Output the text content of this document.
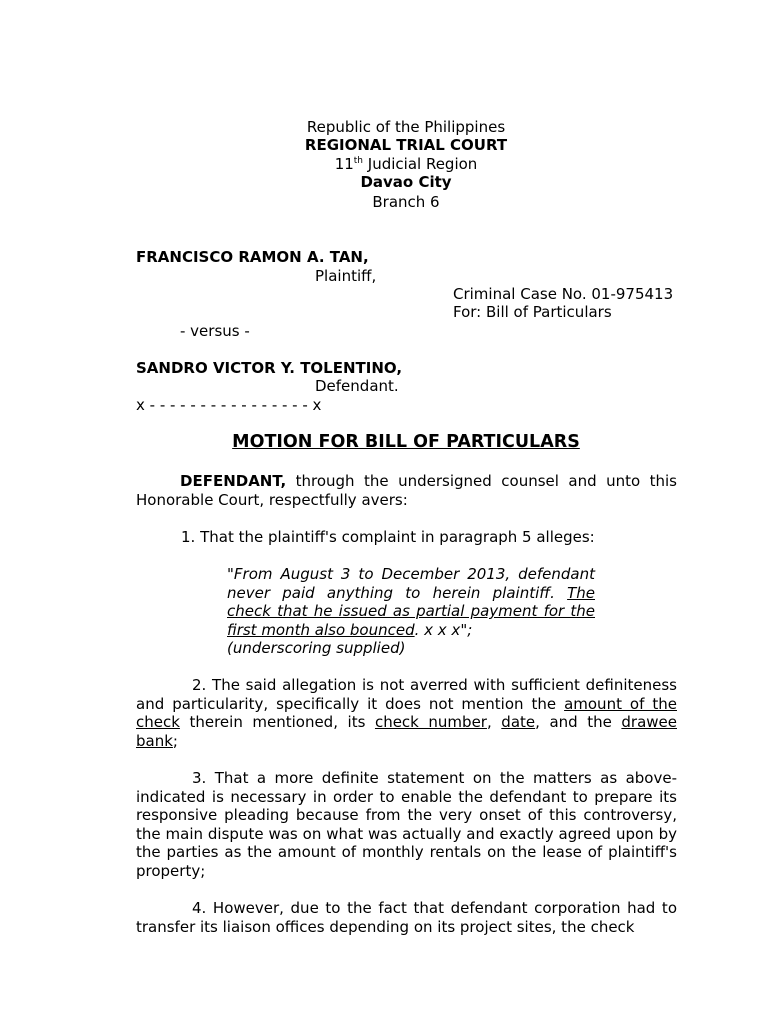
Republic of the Philippines
REGIONAL TRIAL COURT
11th Judicial Region
Davao City
Branch 6
FRANCISCO RAMON A. TAN,
Plaintiff,
Criminal Case No. 01-975413
For: Bill of Particulars
- versus -
SANDRO VICTOR Y. TOLENTINO,
Defendant.
x - - - - - - - - - - - - - - - - x
MOTION FOR BILL OF PARTICULARS
DEFENDANT, through the undersigned counsel and unto this Honorable Court, respectfully avers:
1. That the plaintiff's complaint in paragraph 5 alleges:
"From August 3 to December 2013, defendant never paid anything to herein plaintiff. The check that he issued as partial payment for the first month also bounced. x x x";
(underscoring supplied)
2. The said allegation is not averred with sufficient definiteness and particularity, specifically it does not mention the amount of the check therein mentioned, its check number, date, and the drawee bank;
3. That a more definite statement on the matters as above-indicated is necessary in order to enable the defendant to prepare its responsive pleading because from the very onset of this controversy, the main dispute was on what was actually and exactly agreed upon by the parties as the amount of monthly rentals on the lease of plaintiff's property;
4. However, due to the fact that defendant corporation had to transfer its liaison offices depending on its project sites, the check
